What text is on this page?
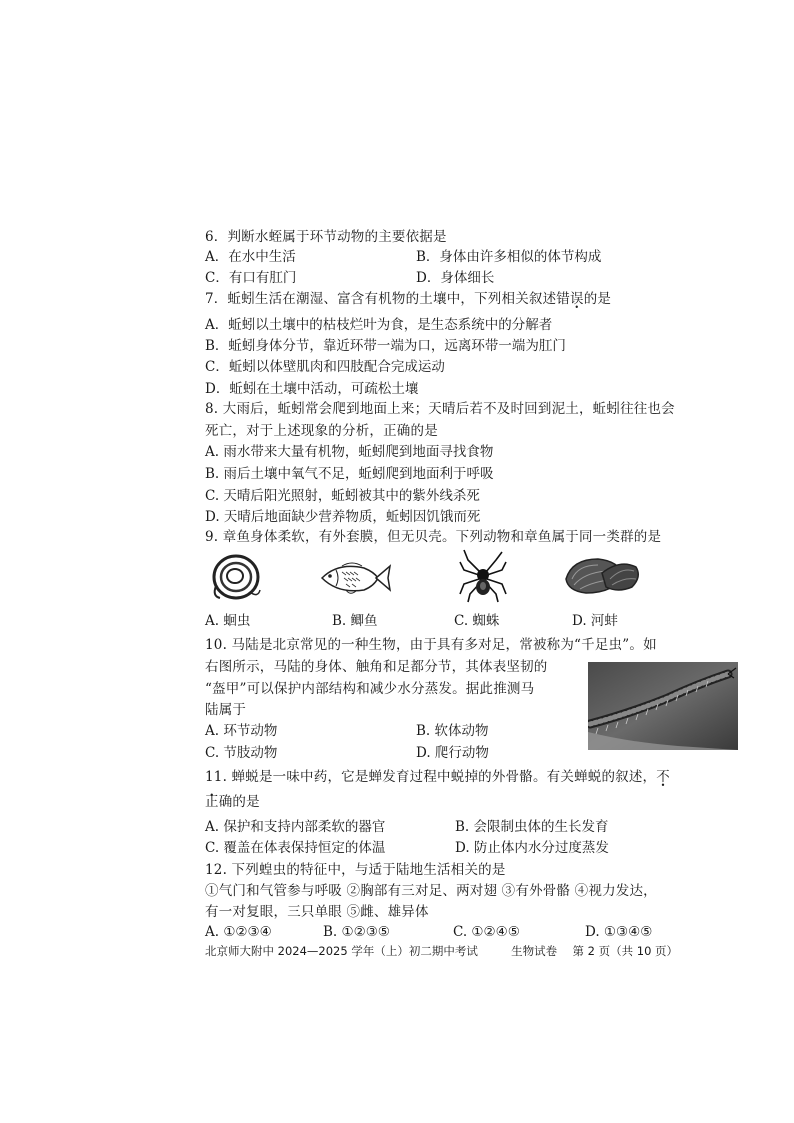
6．判断水蛭属于环节动物的主要依据是
A．在水中生活	B．身体由许多相似的体节构成
C．有口有肛门	D．身体细长
7．蚯蚓生活在潮湿、富含有机物的土壤中，下列相关叙述错误的是
A．蚯蚓以土壤中的枯枝烂叶为食，是生态系统中的分解者
B．蚯蚓身体分节，靠近环带一端为口，远离环带一端为肛门
C．蚯蚓以体壁肌肉和四肢配合完成运动
D．蚯蚓在土壤中活动，可疏松土壤
8. 大雨后，蚯蚓常会爬到地面上来；天晴后若不及时回到泥土，蚯蚓往往也会
死亡，对于上述现象的分析，正确的是
A. 雨水带来大量有机物，蚯蚓爬到地面寻找食物
B. 雨后土壤中氧气不足，蚯蚓爬到地面利于呼吸
C. 天晴后阳光照射，蚯蚓被其中的紫外线杀死
D. 天晴后地面缺少营养物质，蚯蚓因饥饿而死
9. 章鱼身体柔软，有外套膜，但无贝壳。下列动物和章鱼属于同一类群的是
A. 蛔虫	B. 鲫鱼	C. 蜘蛛	D. 河蚌
10. 马陆是北京常见的一种生物，由于具有多对足，常被称为“千足虫”。如
右图所示，马陆的身体、触角和足都分节，其体表坚韧的
“盔甲”可以保护内部结构和减少水分蒸发。据此推测马
陆属于
A. 环节动物	B. 软体动物
C. 节肢动物	D. 爬行动物
11. 蝉蜕是一味中药，它是蝉发育过程中蜕掉的外骨骼。有关蝉蜕的叙述，不
正确的是
A. 保护和支持内部柔软的器官	B. 会限制虫体的生长发育
C. 覆盖在体表保持恒定的体温	D. 防止体内水分过度蒸发
12. 下列蝗虫的特征中，与适于陆地生活相关的是
①气门和气管参与呼吸 ②胸部有三对足、两对翅 ③有外骨骼 ④视力发达，
有一对复眼，三只单眼 ⑤雌、雄异体
A. ①②③④	B. ①②③⑤	C. ①②④⑤	D. ①③④⑤
北京师大附中 2024—2025 学年（上）初二期中考试	生物试卷 第 2 页（共 10 页）
